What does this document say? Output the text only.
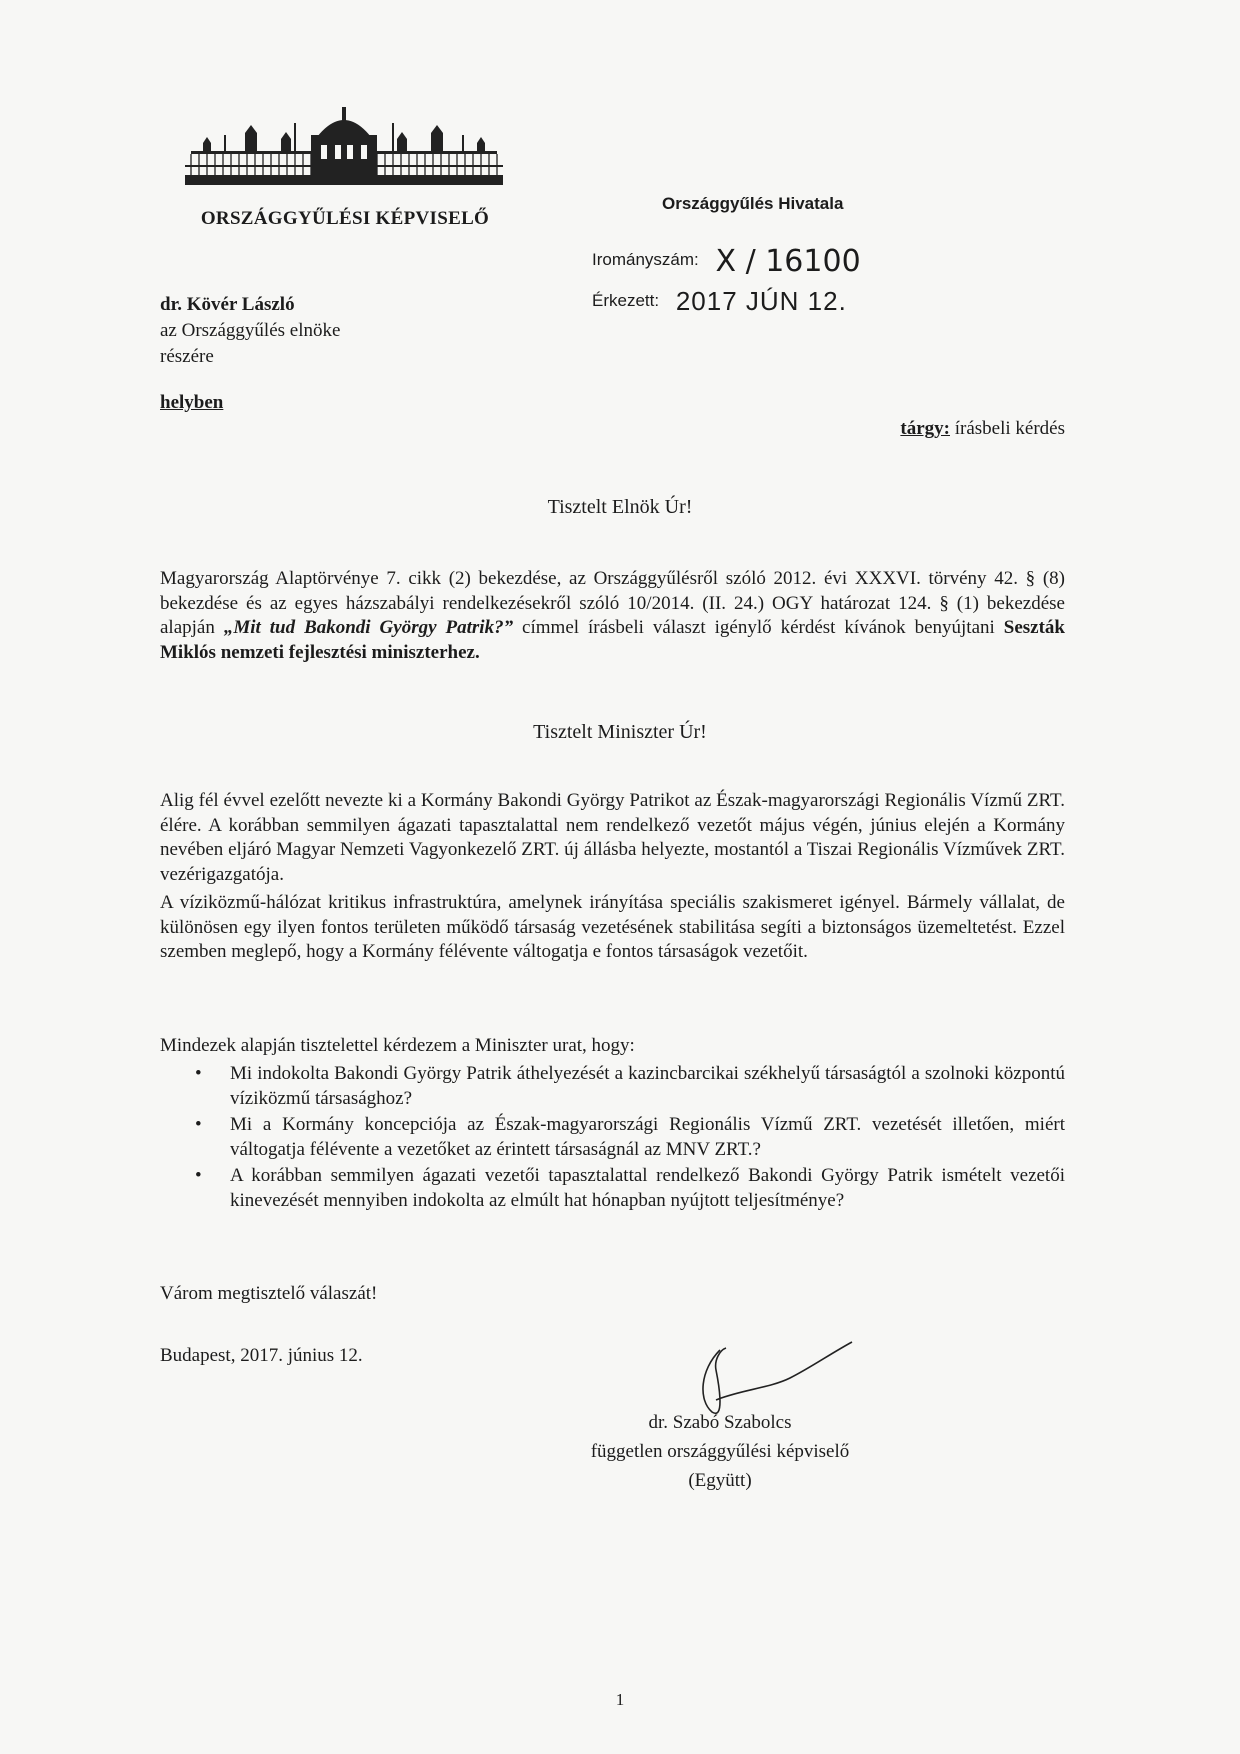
ORSZÁGGYŰLÉSI KÉPVISELŐ
Országgyűlés Hivatala
Irományszám: X / 16100
Érkezett: 2017 JÚN 12.
dr. Kövér László
az Országgyűlés elnöke
részére
helyben
tárgy: írásbeli kérdés
Tisztelt Elnök Úr!

Magyarország Alaptörvénye 7. cikk (2) bekezdése, az Országgyűlésről szóló 2012. évi XXXVI. törvény 42. § (8) bekezdése és az egyes házszabályi rendelkezésekről szóló 10/2014. (II. 24.) OGY határozat 124. § (1) bekezdése alapján „Mit tud Bakondi György Patrik?” címmel írásbeli választ igénylő kérdést kívánok benyújtani Seszták Miklós nemzeti fejlesztési miniszterhez.

Tisztelt Miniszter Úr!

Alig fél évvel ezelőtt nevezte ki a Kormány Bakondi György Patrikot az Észak-magyarországi Regionális Vízmű ZRT. élére. A korábban semmilyen ágazati tapasztalattal nem rendelkező vezetőt május végén, június elején a Kormány nevében eljáró Magyar Nemzeti Vagyonkezelő ZRT. új állásba helyezte, mostantól a Tiszai Regionális Vízművek ZRT. vezérigazgatója.

A víziközmű-hálózat kritikus infrastruktúra, amelynek irányítása speciális szakismeret igényel. Bármely vállalat, de különösen egy ilyen fontos területen működő társaság vezetésének stabilitása segíti a biztonságos üzemeltetést. Ezzel szemben meglepő, hogy a Kormány félévente váltogatja e fontos társaságok vezetőit.

Mindezek alapján tisztelettel kérdezem a Miniszter urat, hogy:

• Mi indokolta Bakondi György Patrik áthelyezését a kazincbarcikai székhelyű társaságtól a szolnoki központú víziközmű társasághoz?
• Mi a Kormány koncepciója az Észak-magyarországi Regionális Vízmű ZRT. vezetését illetően, miért váltogatja félévente a vezetőket az érintett társaságnál az MNV ZRT.?
• A korábban semmilyen ágazati vezetői tapasztalattal rendelkező Bakondi György Patrik ismételt vezetői kinevezését mennyiben indokolta az elmúlt hat hónapban nyújtott teljesítménye?
Várom megtisztelő válaszát!
Budapest, 2017. június 12.
dr. Szabó Szabolcs
független országgyűlési képviselő
(Együtt)
1
